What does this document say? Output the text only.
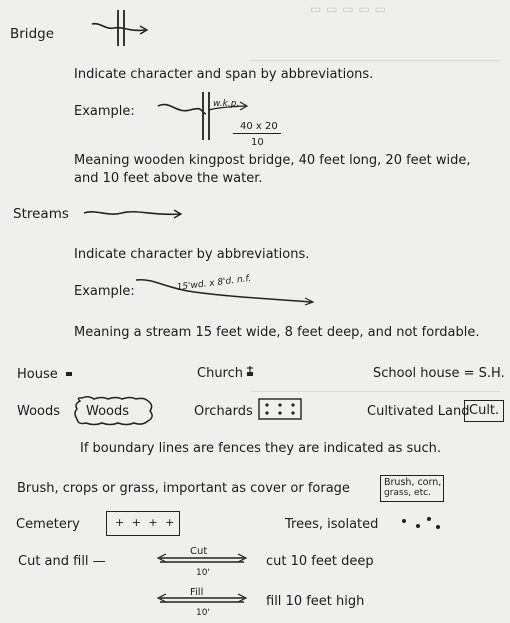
▭ ▭ ▭ ▭ ▭
Bridge
Indicate character and span by abbreviations.
Example:	w.k.p.
40 x 20
10
Meaning wooden kingpost bridge, 40 feet long, 20 feet wide,
and 10 feet above the water.
Streams
Indicate character by abbreviations.
Example:	15'wd. x 8'd. n.f.
Meaning a stream 15 feet wide, 8 feet deep, and not fordable.
House	Church	School house = S.H.
Woods Woods	Orchards	Cultivated Land Cult.
If boundary lines are fences they are indicated as such.
Brush, crops or grass, important as cover or forage	Brush, corn,
grass, etc.
Cemetery	+ + + +	Trees, isolated
Cut and fill —
Cut
10'
cut 10 feet deep
Fill
10'
fill 10 feet high
